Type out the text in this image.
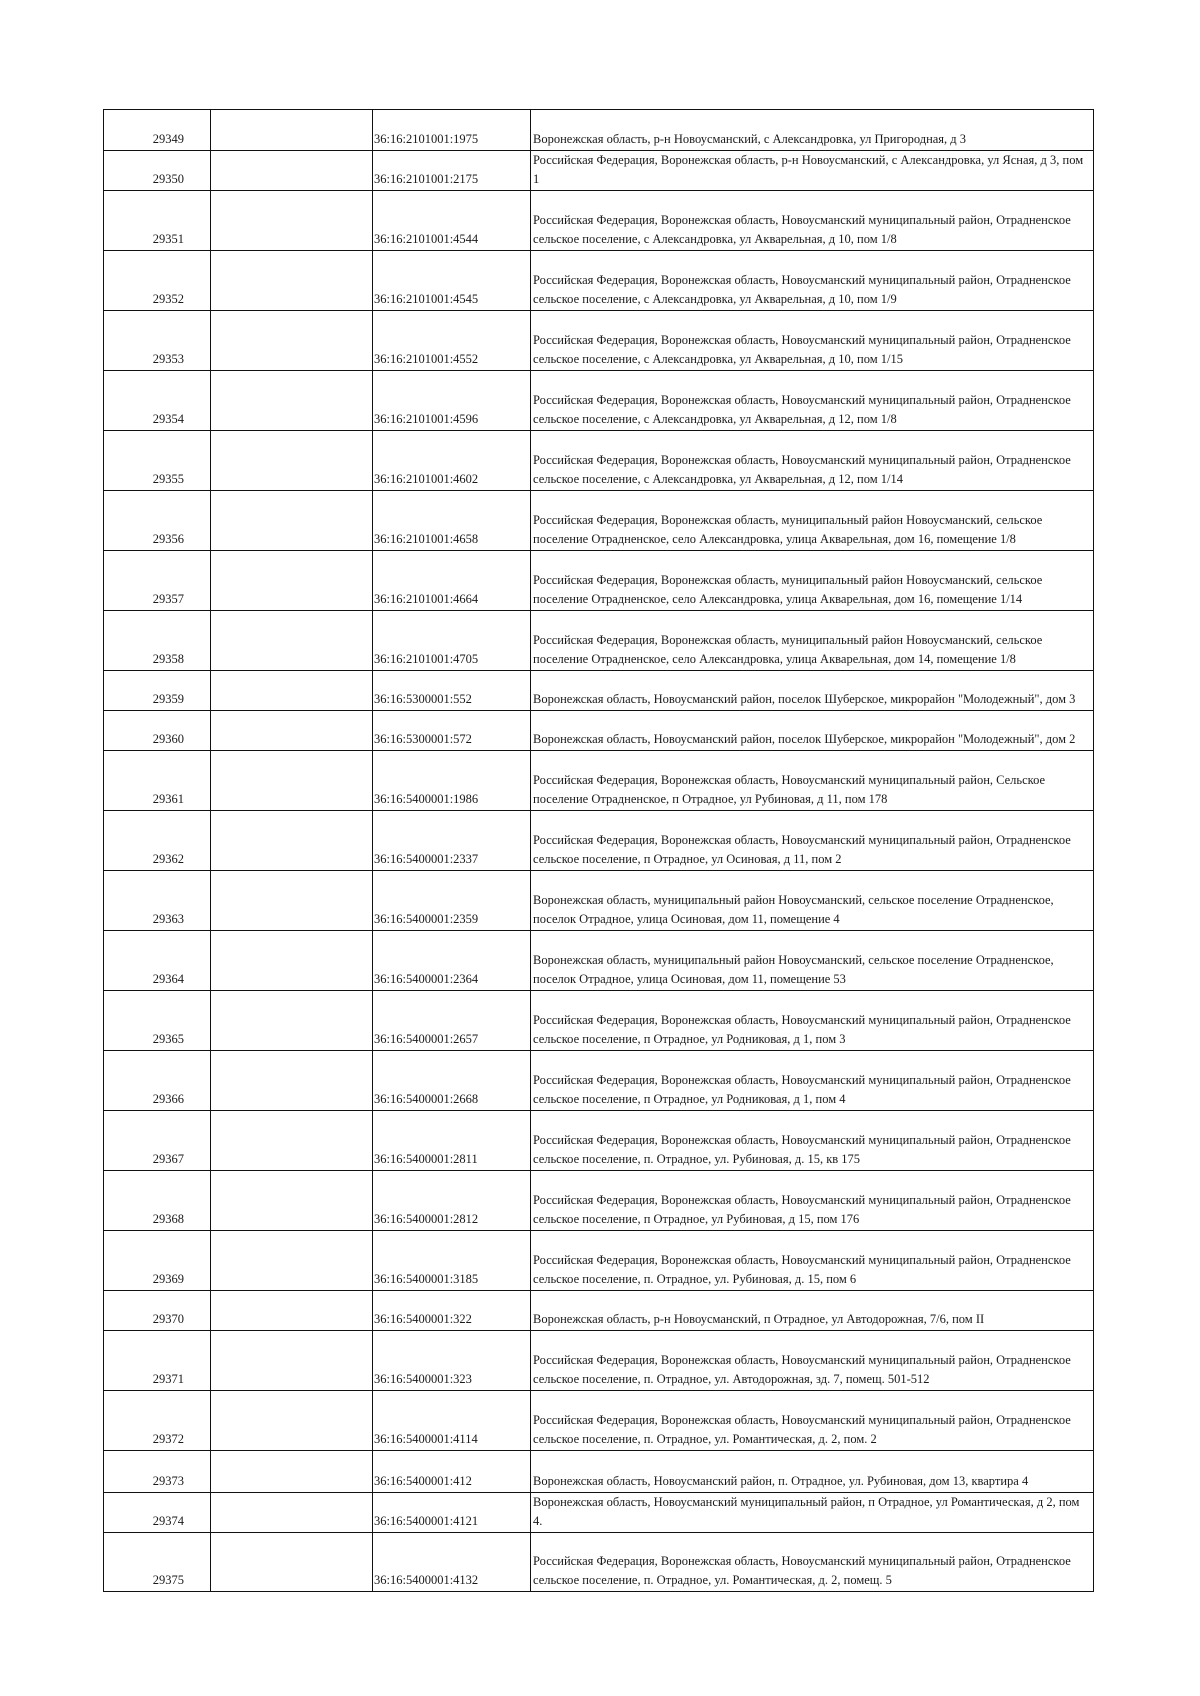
29349		36:16:2101001:1975	Воронежская область, р-н Новоусманский, с Александровка, ул Пригородная, д 3
29350		36:16:2101001:2175	Российская Федерация, Воронежская область, р-н Новоусманский, с Александровка, ул Ясная, д 3, пом 1
29351		36:16:2101001:4544	Российская Федерация, Воронежская область, Новоусманский муниципальный район, Отрадненское сельское поселение, с Александровка, ул Акварельная, д 10, пом 1/8
29352		36:16:2101001:4545	Российская Федерация, Воронежская область, Новоусманский муниципальный район, Отрадненское сельское поселение, с Александровка, ул Акварельная, д 10, пом 1/9
29353		36:16:2101001:4552	Российская Федерация, Воронежская область, Новоусманский муниципальный район, Отрадненское сельское поселение, с Александровка, ул Акварельная, д 10, пом 1/15
29354		36:16:2101001:4596	Российская Федерация, Воронежская область, Новоусманский муниципальный район, Отрадненское сельское поселение, с Александровка, ул Акварельная, д 12, пом 1/8
29355		36:16:2101001:4602	Российская Федерация, Воронежская область, Новоусманский муниципальный район, Отрадненское сельское поселение, с Александровка, ул Акварельная, д 12, пом 1/14
29356		36:16:2101001:4658	Российская Федерация, Воронежская область, муниципальный район Новоусманский, сельское поселение Отрадненское, село Александровка, улица Акварельная, дом 16, помещение 1/8
29357		36:16:2101001:4664	Российская Федерация, Воронежская область, муниципальный район Новоусманский, сельское поселение Отрадненское, село Александровка, улица Акварельная, дом 16, помещение 1/14
29358		36:16:2101001:4705	Российская Федерация, Воронежская область, муниципальный район Новоусманский, сельское поселение Отрадненское, село Александровка, улица Акварельная, дом 14, помещение 1/8
29359		36:16:5300001:552	Воронежская область, Новоусманский район, поселок Шуберское, микрорайон "Молодежный", дом 3
29360		36:16:5300001:572	Воронежская область, Новоусманский район, поселок Шуберское, микрорайон "Молодежный", дом 2
29361		36:16:5400001:1986	Российская Федерация, Воронежская область, Новоусманский муниципальный район, Сельское поселение Отрадненское, п Отрадное, ул Рубиновая, д 11, пом 178
29362		36:16:5400001:2337	Российская Федерация, Воронежская область, Новоусманский муниципальный район, Отрадненское сельское поселение, п Отрадное, ул Осиновая, д 11, пом 2
29363		36:16:5400001:2359	Воронежская область, муниципальный район Новоусманский, сельское поселение Отрадненское, поселок Отрадное, улица Осиновая, дом 11, помещение 4
29364		36:16:5400001:2364	Воронежская область, муниципальный район Новоусманский, сельское поселение Отрадненское, поселок Отрадное, улица Осиновая, дом 11, помещение 53
29365		36:16:5400001:2657	Российская Федерация, Воронежская область, Новоусманский муниципальный район, Отрадненское сельское поселение, п Отрадное, ул Родниковая, д 1, пом 3
29366		36:16:5400001:2668	Российская Федерация, Воронежская область, Новоусманский муниципальный район, Отрадненское сельское поселение, п Отрадное, ул Родниковая, д 1, пом 4
29367		36:16:5400001:2811	Российская Федерация, Воронежская область, Новоусманский муниципальный район, Отрадненское сельское поселение, п. Отрадное, ул. Рубиновая, д. 15, кв 175
29368		36:16:5400001:2812	Российская Федерация, Воронежская область, Новоусманский муниципальный район, Отрадненское сельское поселение, п Отрадное, ул Рубиновая, д 15, пом 176
29369		36:16:5400001:3185	Российская Федерация, Воронежская область, Новоусманский муниципальный район, Отрадненское сельское поселение, п. Отрадное, ул. Рубиновая, д. 15, пом 6
29370		36:16:5400001:322	Воронежская область, р-н Новоусманский, п Отрадное, ул Автодорожная, 7/6, пом II
29371		36:16:5400001:323	Российская Федерация, Воронежская область, Новоусманский муниципальный район, Отрадненское сельское поселение, п. Отрадное, ул. Автодорожная, зд. 7, помещ. 501-512
29372		36:16:5400001:4114	Российская Федерация, Воронежская область, Новоусманский муниципальный район, Отрадненское сельское поселение, п. Отрадное, ул. Романтическая, д. 2, пом. 2
29373		36:16:5400001:412	Воронежская область, Новоусманский район, п. Отрадное, ул. Рубиновая, дом 13, квартира 4
29374		36:16:5400001:4121	Воронежская область, Новоусманский муниципальный район, п Отрадное, ул Романтическая, д 2, пом 4.
29375		36:16:5400001:4132	Российская Федерация, Воронежская область, Новоусманский муниципальный район, Отрадненское сельское поселение, п. Отрадное, ул. Романтическая, д. 2, помещ. 5
